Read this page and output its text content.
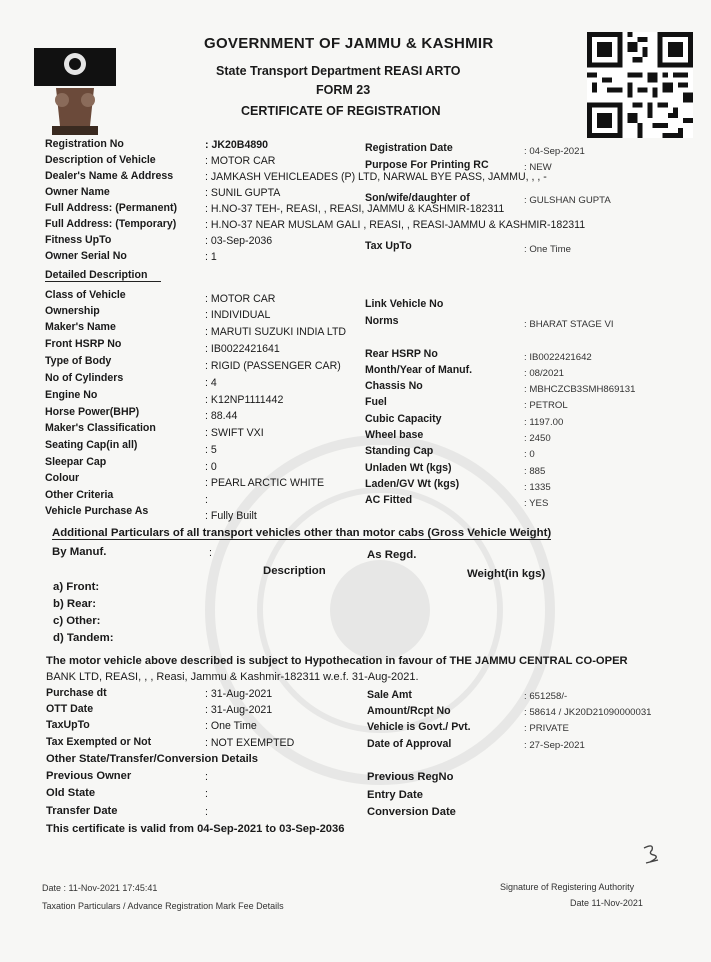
GOVERNMENT OF JAMMU & KASHMIR
State Transport Department REASI ARTO
FORM 23
CERTIFICATE OF REGISTRATION
Registration No	: JK20B4890
Description of Vehicle	: MOTOR CAR
Dealer's Name & Address	: JAMKASH VEHICLEADES (P) LTD, NARWAL BYE PASS, JAMMU, , , -
Owner Name	: SUNIL GUPTA
Full Address: (Permanent)	: H.NO-37 TEH-, REASI, , REASI, JAMMU & KASHMIR-182311
Full Address: (Temporary)	: H.NO-37 NEAR MUSLAM GALI , REASI, , REASI-JAMMU & KASHMIR-182311
Fitness UpTo	: 03-Sep-2036
Owner Serial No	: 1
Registration Date	: 04-Sep-2021
Purpose For Printing RC	: NEW
Son/wife/daughter of	: GULSHAN GUPTA
Tax UpTo	: One Time
Detailed Description
Class of Vehicle	: MOTOR CAR
Ownership	: INDIVIDUAL
Maker's Name	: MARUTI SUZUKI INDIA LTD
Front HSRP No	: IB0022421641
Type of Body	: RIGID (PASSENGER CAR)
No of Cylinders	: 4
Engine No	: K12NP1111442
Horse Power(BHP)	: 88.44
Maker's Classification	: SWIFT VXI
Seating Cap(in all)	: 5
Sleepar Cap	: 0
Colour	: PEARL ARCTIC WHITE
Other Criteria	:
Vehicle Purchase As	: Fully Built
Link Vehicle No
Norms	: BHARAT STAGE VI
Rear HSRP No	: IB0022421642
Month/Year of Manuf.	: 08/2021
Chassis No	: MBHCZCB3SMH869131
Fuel	: PETROL
Cubic Capacity	: 1197.00
Wheel base	: 2450
Standing Cap	: 0
Unladen Wt (kgs)	: 885
Laden/GV Wt (kgs)	: 1335
AC Fitted	: YES
Additional Particulars of all transport vehicles other than motor cabs (Gross Vehicle Weight)
By Manuf.	:	As Regd.
Description	Weight(in kgs)
a) Front:
b) Rear:
c) Other:
d) Tandem:
The motor vehicle above described is subject to Hypothecation in favour of THE JAMMU CENTRAL CO-OPER
BANK LTD, REASI, , , Reasi, Jammu & Kashmir-182311 w.e.f. 31-Aug-2021.
Purchase dt	: 31-Aug-2021
OTT Date	: 31-Aug-2021
TaxUpTo	: One Time
Tax Exempted or Not	: NOT EXEMPTED
Sale Amt	: 651258/-
Amount/Rcpt No	: 58614 / JK20D21090000031
Vehicle is Govt./ Pvt.	: PRIVATE
Date of Approval	: 27-Sep-2021
Other State/Transfer/Conversion Details
Previous Owner	:
Old State	:
Transfer Date	:
Previous RegNo
Entry Date
Conversion Date
This certificate is valid from 04-Sep-2021 to 03-Sep-2036
Date : 11-Nov-2021 17:45:41
Taxation Particulars / Advance Registration Mark Fee Details
Signature of Registering Authority
Date 11-Nov-2021
